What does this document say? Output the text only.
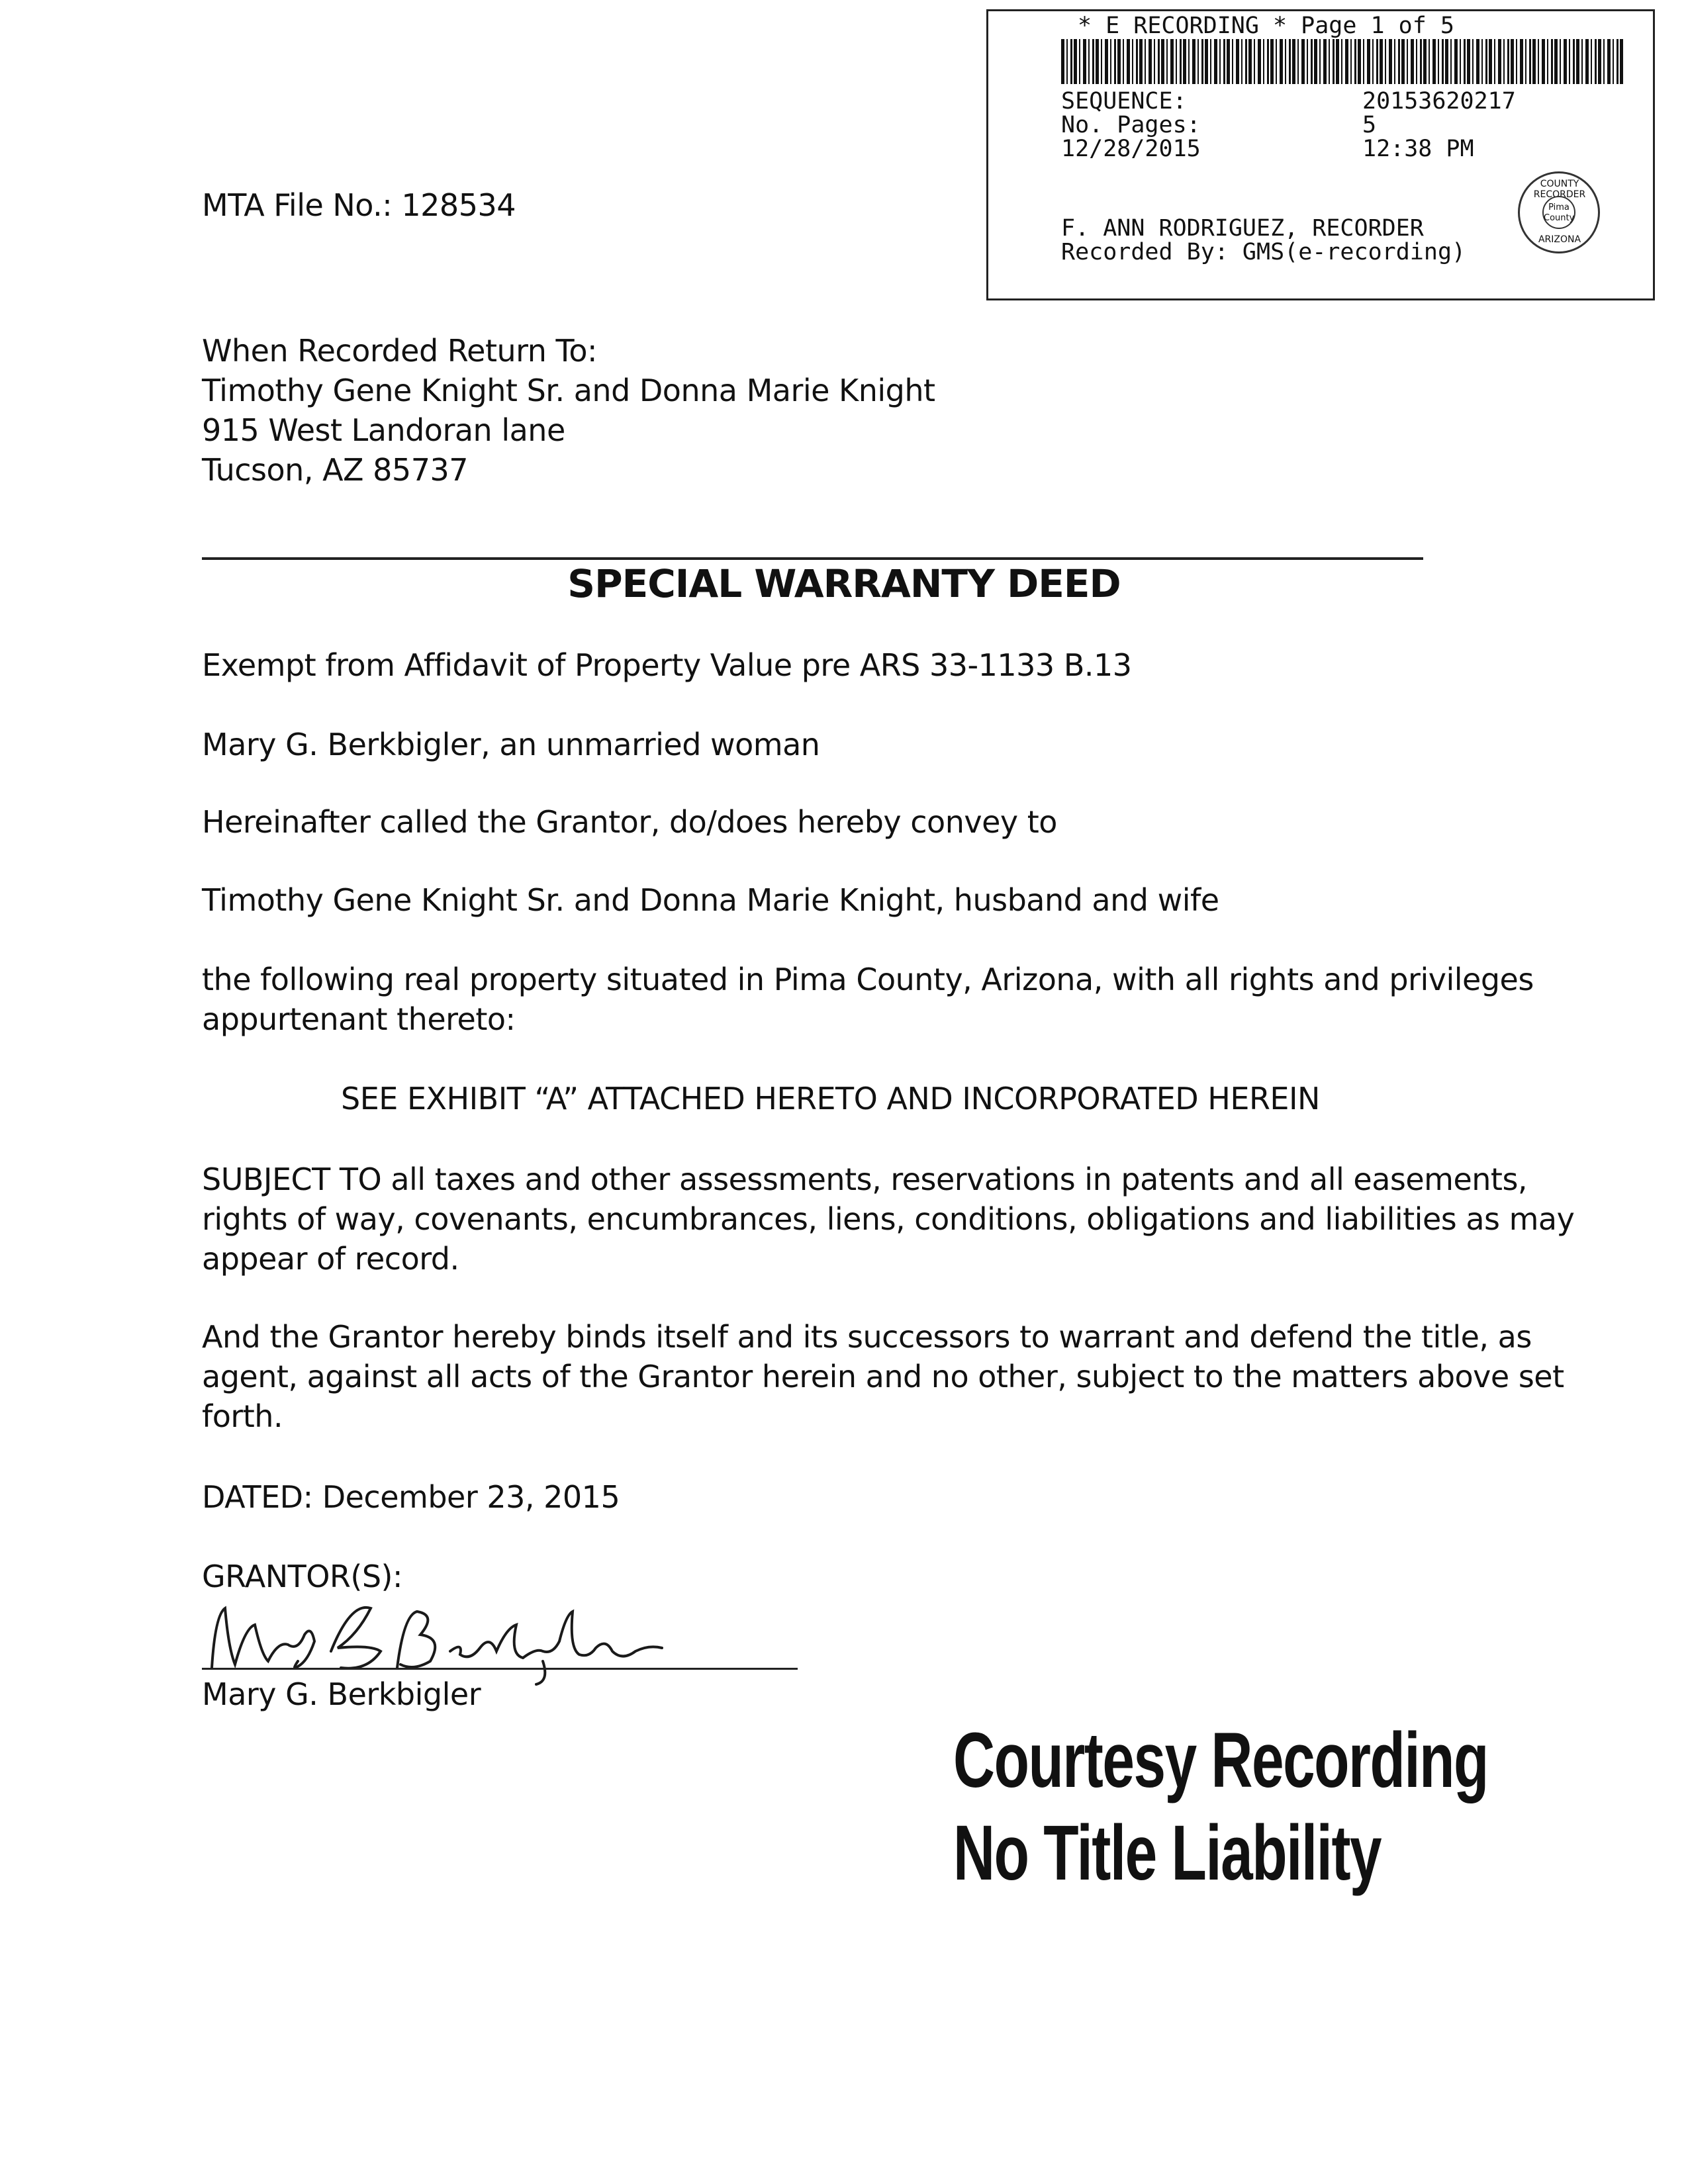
* E RECORDING * Page 1 of 5
SEQUENCE:	20153620217
No. Pages:	5
12/28/2015	12:38 PM
F. ANN RODRIGUEZ, RECORDER
Recorded By: GMS(e-recording)
COUNTY RECORDER
Pima County
ARIZONA
MTA File No.: 128534
When Recorded Return To:
Timothy Gene Knight Sr. and Donna Marie Knight
915 West Landoran lane
Tucson, AZ 85737
SPECIAL WARRANTY DEED
Exempt from Affidavit of Property Value pre ARS 33-1133 B.13
Mary G. Berkbigler, an unmarried woman
Hereinafter called the Grantor, do/does hereby convey to
Timothy Gene Knight Sr. and Donna Marie Knight, husband and wife
the following real property situated in Pima County, Arizona, with all rights and privileges
appurtenant thereto:
SEE EXHIBIT “A” ATTACHED HERETO AND INCORPORATED HEREIN
SUBJECT TO all taxes and other assessments, reservations in patents and all easements,
rights of way, covenants, encumbrances, liens, conditions, obligations and liabilities as may
appear of record.
And the Grantor hereby binds itself and its successors to warrant and defend the title, as
agent, against all acts of the Grantor herein and no other, subject to the matters above set
forth.
DATED: December 23, 2015
GRANTOR(S):
Mary G. Berkbigler
Courtesy Recording
No Title Liability
